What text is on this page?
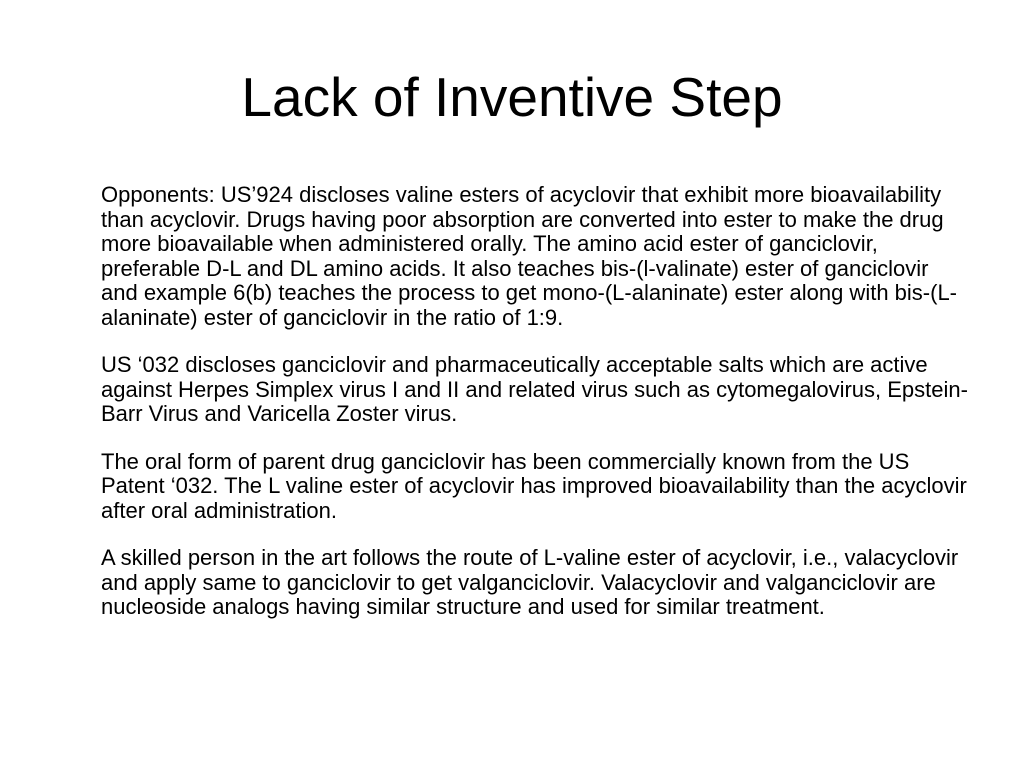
Lack of Inventive Step

Opponents: US’924 discloses valine esters of acyclovir that exhibit more bioavailability than acyclovir. Drugs having poor absorption are converted into ester to make the drug more bioavailable when administered orally. The amino acid ester of ganciclovir, preferable D-L and DL amino acids. It also teaches bis-(l-valinate) ester of ganciclovir and example 6(b) teaches the process to get mono-(L-alaninate) ester along with bis-(L-alaninate) ester of ganciclovir in the ratio of 1:9.

US ‘032 discloses ganciclovir and pharmaceutically acceptable salts which are active against Herpes Simplex virus I and II and related virus such as cytomegalovirus, Epstein-Barr Virus and Varicella Zoster virus.

The oral form of parent drug ganciclovir has been commercially known from the US Patent ‘032. The L valine ester of acyclovir has improved bioavailability than the acyclovir after oral administration.

A skilled person in the art follows the route of L-valine ester of acyclovir, i.e., valacyclovir and apply same to ganciclovir to get valganciclovir. Valacyclovir and valganciclovir are nucleoside analogs having similar structure and used for similar treatment.
